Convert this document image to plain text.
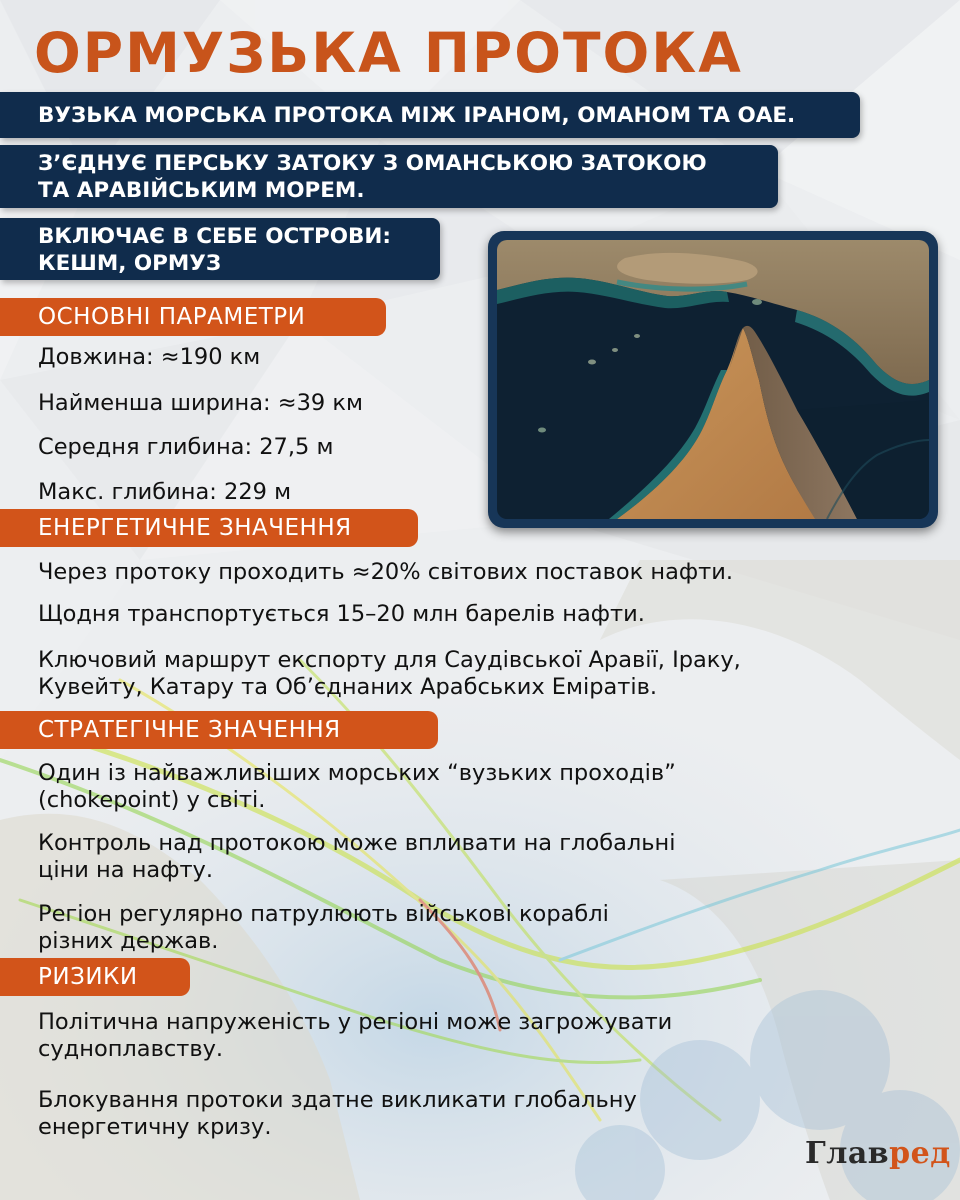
ОРМУЗЬКА ПРОТОКА
ВУЗЬКА МОРСЬКА ПРОТОКА МІЖ ІРАНОМ, ОМАНОМ ТА ОАЕ.
З’ЄДНУЄ ПЕРСЬКУ ЗАТОКУ З ОМАНСЬКОЮ ЗАТОКОЮ
ТА АРАВІЙСЬКИМ МОРЕМ.
ВКЛЮЧАЄ В СЕБЕ ОСТРОВИ:
КЕШМ, ОРМУЗ
ОСНОВНІ ПАРАМЕТРИ
Довжина: ≈190 км
Найменша ширина: ≈39 км
Середня глибина: 27,5 м
Макс. глибина: 229 м
ЕНЕРГЕТИЧНЕ ЗНАЧЕННЯ
Через протоку проходить ≈20% світових поставок нафти.
Щодня транспортується 15–20 млн барелів нафти.
Ключовий маршрут експорту для Саудівської Аравії, Іраку,
Кувейту, Катару та Об’єднаних Арабських Еміратів.
СТРАТЕГІЧНЕ ЗНАЧЕННЯ
Один із найважливіших морських “вузьких проходів”
(chokepoint) у світі.
Контроль над протокою може впливати на глобальні
ціни на нафту.
Регіон регулярно патрулюють військові кораблі
різних держав.
РИЗИКИ
Політична напруженість у регіоні може загрожувати
судноплавству.
Блокування протоки здатне викликати глобальну
енергетичну кризу.
Главред
